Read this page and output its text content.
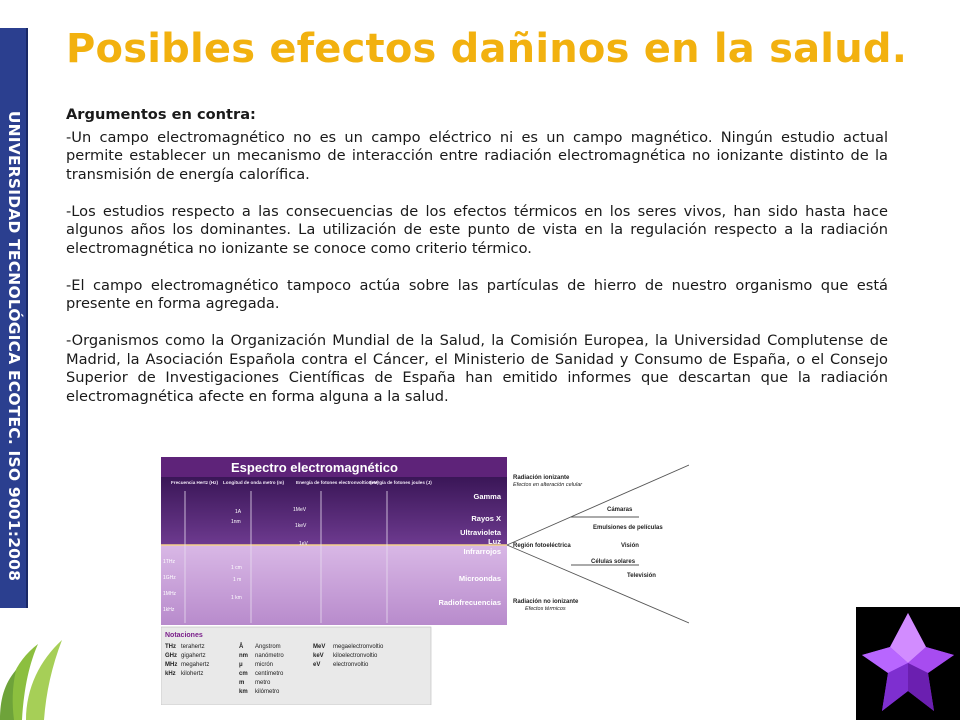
UNIVERSIDAD TECNOLÓGICA ECOTEC. ISO 9001:2008
Posibles efectos dañinos en la salud.
Argumentos en contra:

-Un campo electromagnético no es un campo eléctrico ni es un campo magnético. Ningún estudio actual permite establecer un mecanismo de interacción entre radiación electromagnética no ionizante distinto de la transmisión de energía calorífica.

-Los estudios respecto a las consecuencias de los efectos térmicos en los seres vivos, han sido hasta hace algunos años los dominantes. La utilización de este punto de vista en la regulación respecto a la radiación electromagnética no ionizante se conoce como criterio térmico.

-El campo electromagnético tampoco actúa sobre las partículas de hierro de nuestro organismo que está presente en forma agregada.

-Organismos como la Organización Mundial de la Salud, la Comisión Europea, la Universidad Complutense de Madrid, la Asociación Española contra el Cáncer, el Ministerio de Sanidad y Consumo de España, o el Consejo Superior de Investigaciones Científicas de España han emitido informes que descartan que la radiación electromagnética afecte en forma alguna a la salud.

Espectro electromagnético
Frecuencia Hertz (Hz) Longitud de onda metro (m)	Energía de fotones electronvoltio (eV)
Energía de fotones joules (J)
1THz
1GHz
1MHz
1kHz
1A
1nm
1 cm
1 m
1 km
1MeV
1keV
1eV
Gamma
Rayos X
Ultravioleta
Luz
Infrarrojos
Microondas
Radiofrecuencias
Radiación ionizante
Efectos en alteración celular
Cámaras
Emulsiones de películas
Región fotoeléctrica	Visión
Células solares
Televisión
Radiación no ionizante
Efectos térmicos
Notaciones
THz terahertz
GHz gigahertz
MHz megahertz
kHz kilohertz
Å Angstrom
nm nanómetro
μ micrón
cm centímetro
m metro
km kilómetro
MeV megaelectronvoltio
keV kiloelectronvoltio
eV electronvoltio
